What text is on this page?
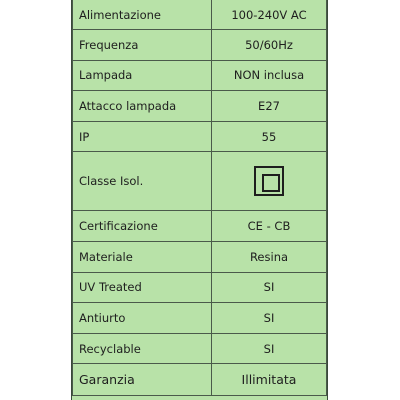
Alimentazione	100-240V AC
Frequenza	50/60Hz
Lampada	NON inclusa
Attacco lampada	E27
IP	55
Classe Isol.	
Certificazione	CE - CB
Materiale	Resina
UV Treated	SI
Antiurto	SI
Recyclable	SI
Garanzia	Illimitata
